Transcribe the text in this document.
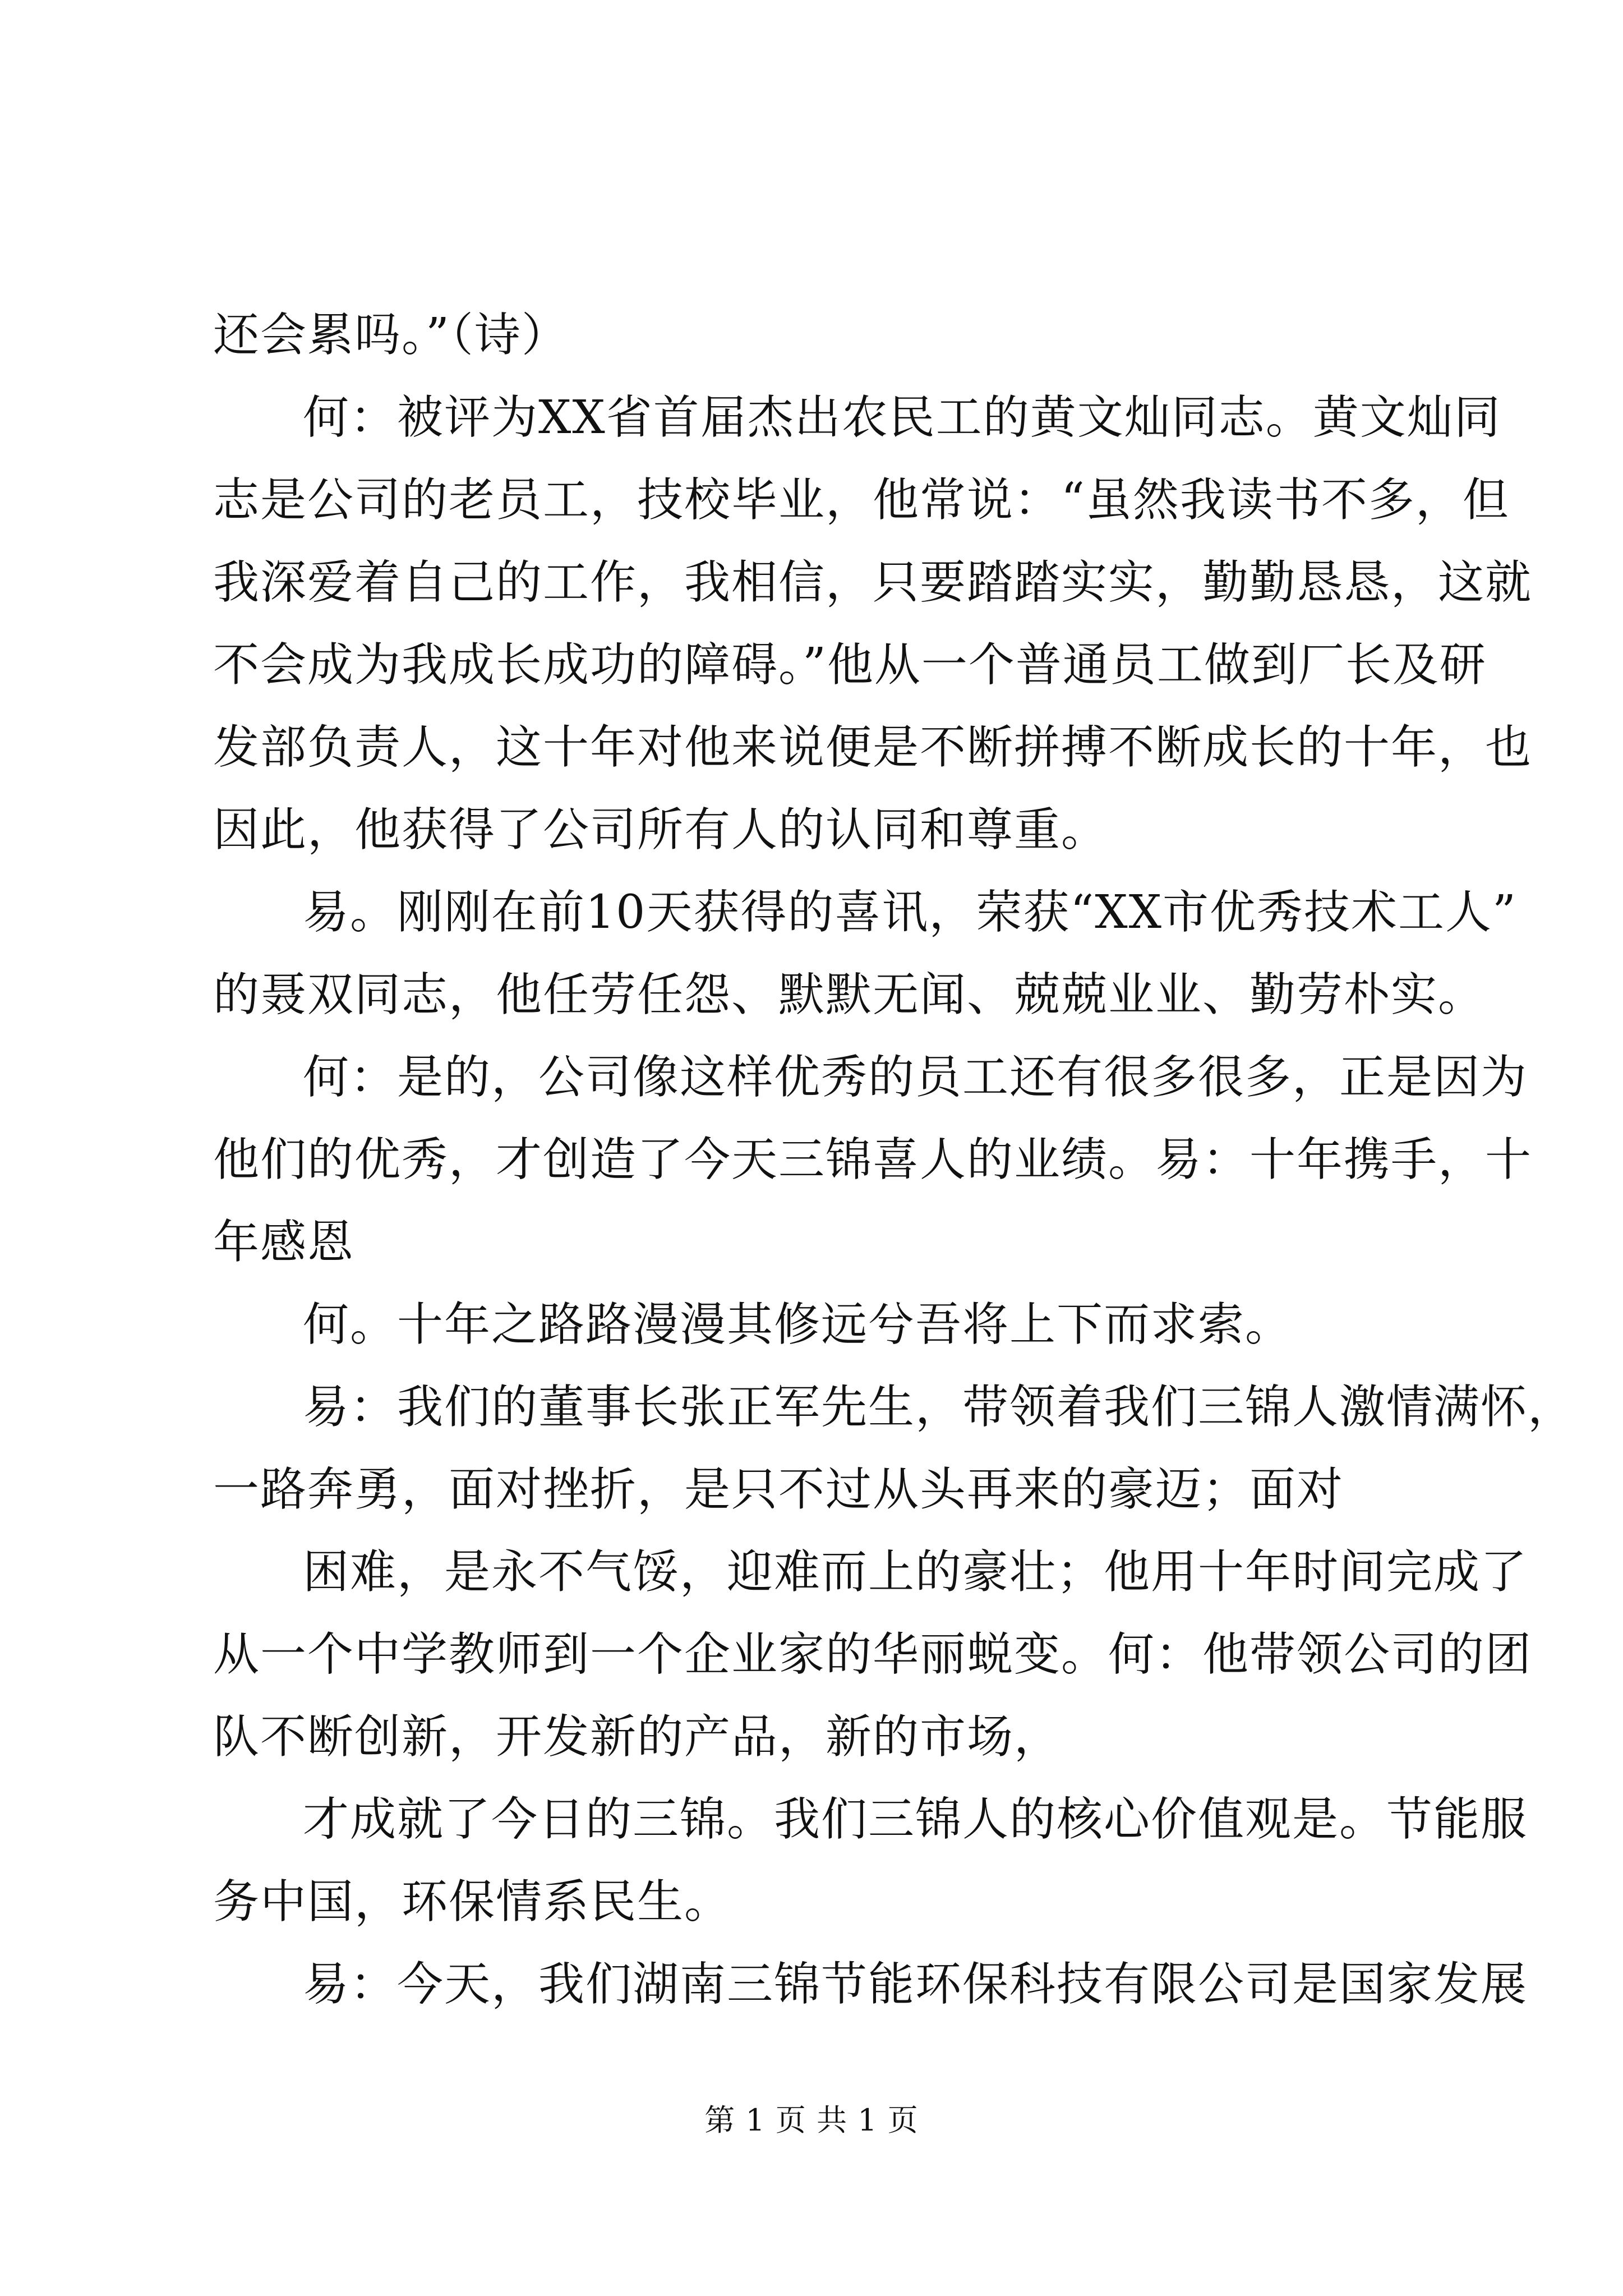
还会累吗。”（诗）
何：被评为XX省首届杰出农民工的黄文灿同志。黄文灿同
志是公司的老员工，技校毕业，他常说：“虽然我读书不多，但
我深爱着自己的工作，我相信，只要踏踏实实，勤勤恳恳，这就
不会成为我成长成功的障碍。”他从一个普通员工做到厂长及研
发部负责人，这十年对他来说便是不断拼搏不断成长的十年，也
因此，他获得了公司所有人的认同和尊重。
易。刚刚在前10天获得的喜讯，荣获“XX市优秀技术工人”
的聂双同志，他任劳任怨、默默无闻、兢兢业业、勤劳朴实。
何：是的，公司像这样优秀的员工还有很多很多，正是因为
他们的优秀，才创造了今天三锦喜人的业绩。易：十年携手，十
年感恩
何。十年之路路漫漫其修远兮吾将上下而求索。
易：我们的董事长张正军先生，带领着我们三锦人激情满怀，
一路奔勇，面对挫折，是只不过从头再来的豪迈；面对
困难，是永不气馁，迎难而上的豪壮；他用十年时间完成了
从一个中学教师到一个企业家的华丽蜕变。何：他带领公司的团
队不断创新，开发新的产品，新的市场，
才成就了今日的三锦。我们三锦人的核心价值观是。节能服
务中国，环保情系民生。
易：今天，我们湖南三锦节能环保科技有限公司是国家发展
第 1 页 共 1 页
